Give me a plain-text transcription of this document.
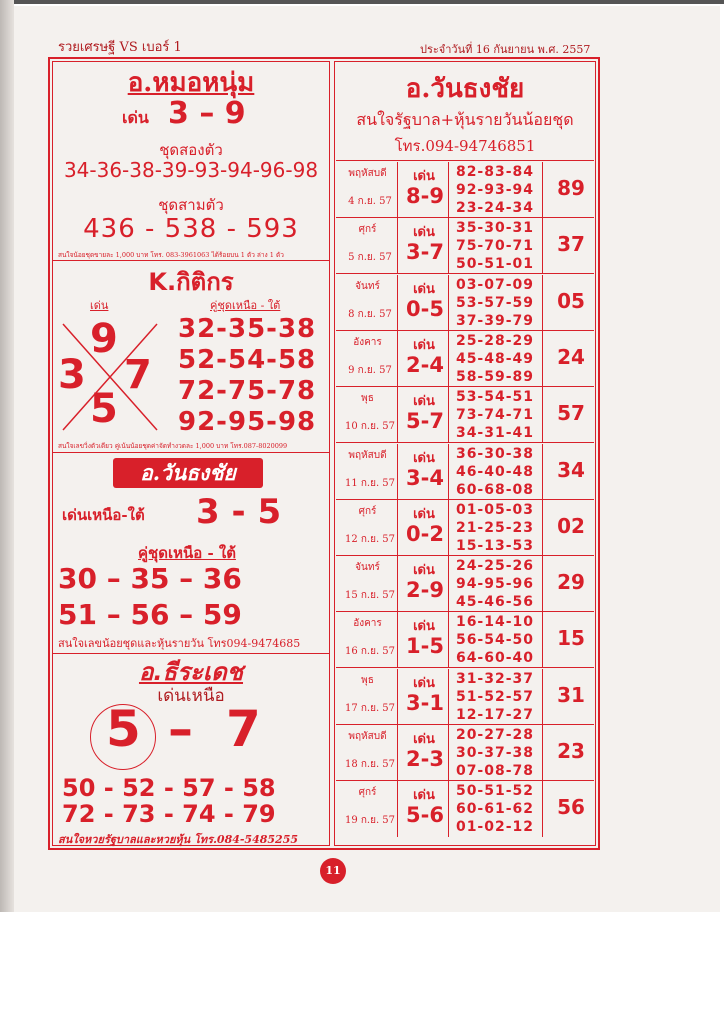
รวยเศรษฐี VS เบอร์ 1	ประจำวันที่ 16 กันยายน พ.ศ. 2557
อ.หมอหนุ่ม
เด่น 3 – 9
ชุดสองตัว
34-36-38-39-93-94-96-98
ชุดสามตัว
436 - 538 - 593
สนใจน้อยชุดขายละ 1,000 บาท โทร. 083-3961063 ได้ร้อยบน 1 ตัว ล่าง 1 ตัว
K.กิติกร
เด่น	คู่ชุดเหนือ - ใต้
9
3 7
5
32-35-38
52-54-58
72-75-78
92-95-98
สนใจเลขวิ่งตัวเดียว คู่เน้นน้อยชุดค่าจัดทำงวดละ 1,000 บาท โทร.087-8020099
อ.วันธงชัย
เด่นเหนือ-ใต้ 3 - 5
คู่ชุดเหนือ - ใต้
30 – 35 – 36
51 – 56 – 59
สนใจเลขน้อยชุดและหุ้นรายวัน โทร094-9474685
อ.ธีระเดช
เด่นเหนือ
5 – 7
50 - 52 - 57 - 58
72 - 73 - 74 - 79
สนใจหวยรัฐบาลและหวยหุ้น โทร.084-5485255
อ.วันธงชัย
สนใจรัฐบาล+หุ้นรายวันน้อยชุด
โทร.094-94746851
พฤหัสบดี
4 ก.ย. 57
เด่น
8-9
82-83-84
92-93-94
23-24-34
89
ศุกร์
5 ก.ย. 57
เด่น
3-7
35-30-31
75-70-71
50-51-01
37
จันทร์
8 ก.ย. 57
เด่น
0-5
03-07-09
53-57-59
37-39-79
05
อังคาร
9 ก.ย. 57
เด่น
2-4
25-28-29
45-48-49
58-59-89
24
พุธ
10 ก.ย. 57
เด่น
5-7
53-54-51
73-74-71
34-31-41
57
พฤหัสบดี
11 ก.ย. 57
เด่น
3-4
36-30-38
46-40-48
60-68-08
34
ศุกร์
12 ก.ย. 57
เด่น
0-2
01-05-03
21-25-23
15-13-53
02
จันทร์
15 ก.ย. 57
เด่น
2-9
24-25-26
94-95-96
45-46-56
29
อังคาร
16 ก.ย. 57
เด่น
1-5
16-14-10
56-54-50
64-60-40
15
พุธ
17 ก.ย. 57
เด่น
3-1
31-32-37
51-52-57
12-17-27
31
พฤหัสบดี
18 ก.ย. 57
เด่น
2-3
20-27-28
30-37-38
07-08-78
23
ศุกร์
19 ก.ย. 57
เด่น
5-6
50-51-52
60-61-62
01-02-12
56
11
